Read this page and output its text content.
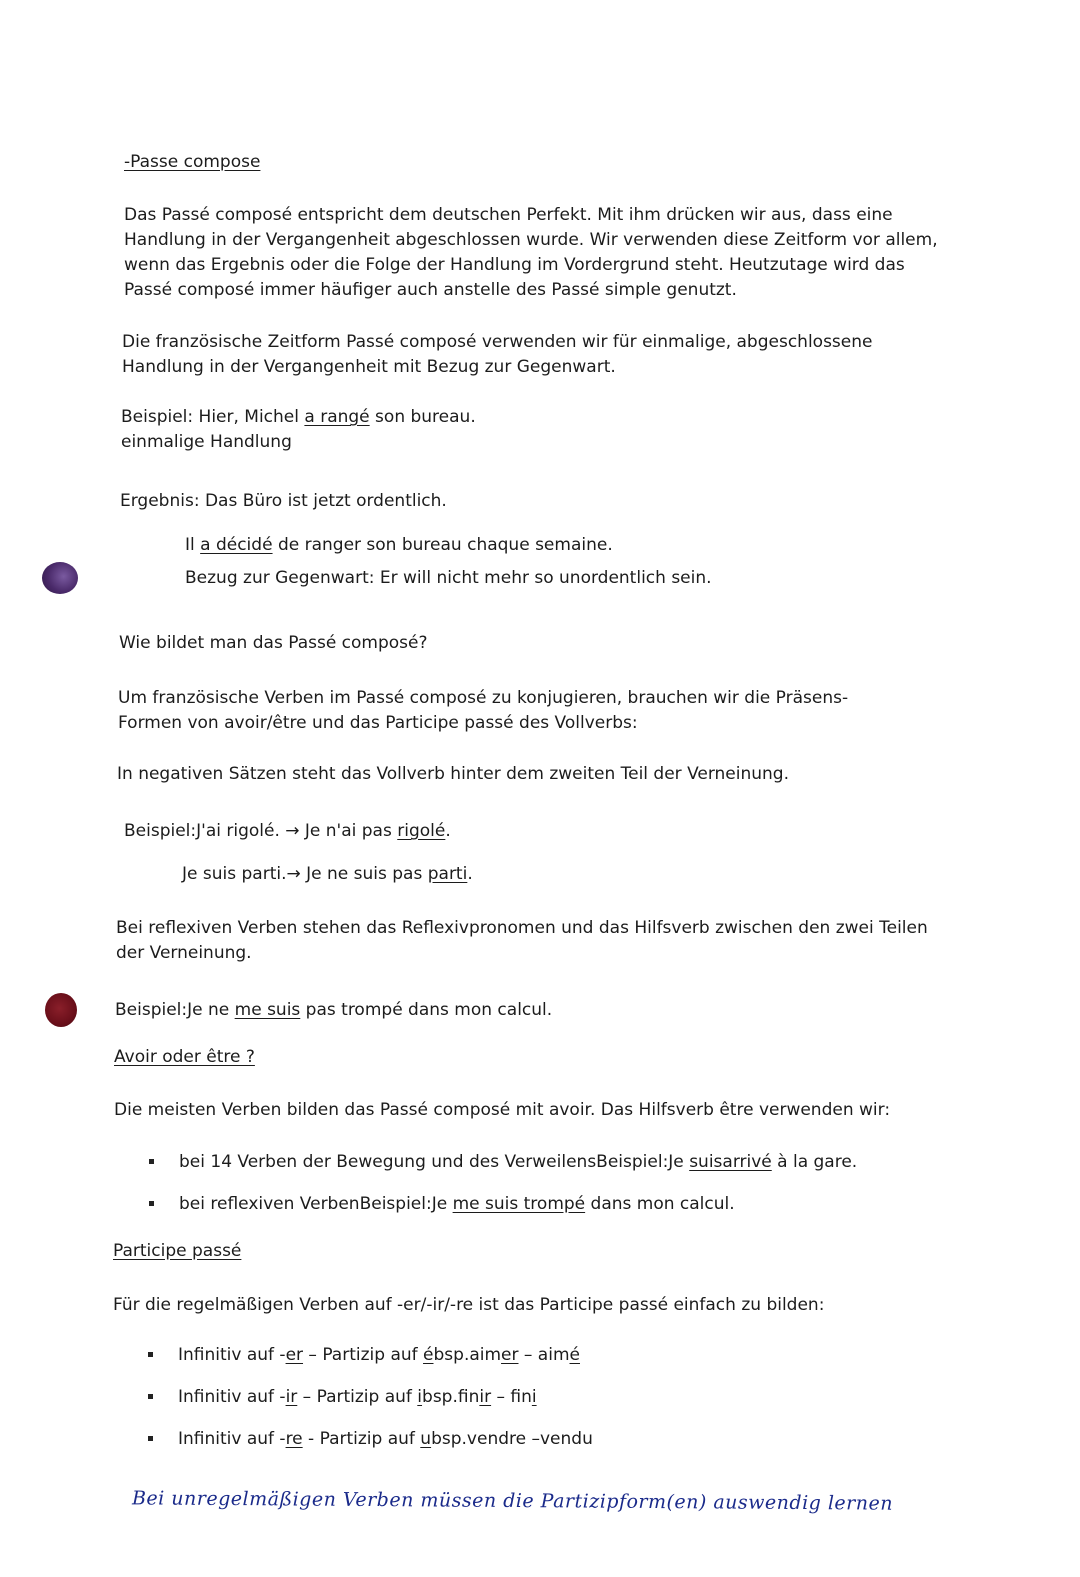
-Passe compose
Das Passé composé entspricht dem deutschen Perfekt. Mit ihm drücken wir aus, dass eine Handlung in der Vergangenheit abgeschlossen wurde. Wir verwenden diese Zeitform vor allem, wenn das Ergebnis oder die Folge der Handlung im Vordergrund steht. Heutzutage wird das Passé composé immer häufiger auch anstelle des Passé simple genutzt.
Die französische Zeitform Passé composé verwenden wir für einmalige, abgeschlossene Handlung in der Vergangenheit mit Bezug zur Gegenwart.
Beispiel: Hier, Michel a rangé son bureau.
einmalige Handlung
Ergebnis: Das Büro ist jetzt ordentlich.
Il a décidé de ranger son bureau chaque semaine.
Bezug zur Gegenwart: Er will nicht mehr so unordentlich sein.
Wie bildet man das Passé composé?
Um französische Verben im Passé composé zu konjugieren, brauchen wir die Präsens-Formen von avoir/être und das Participe passé des Vollverbs:
In negativen Sätzen steht das Vollverb hinter dem zweiten Teil der Verneinung.
Beispiel:J'ai rigolé. → Je n'ai pas rigolé.
Je suis parti.→ Je ne suis pas parti.
Bei reflexiven Verben stehen das Reflexivpronomen und das Hilfsverb zwischen den zwei Teilen der Verneinung.
Beispiel:Je ne me suis pas trompé dans mon calcul.
Avoir oder être ?
Die meisten Verben bilden das Passé composé mit avoir. Das Hilfsverb être verwenden wir:
bei 14 Verben der Bewegung und des VerweilensBeispiel:Je suisarrivé à la gare.
bei reflexiven VerbenBeispiel:Je me suis trompé dans mon calcul.
Participe passé
Für die regelmäßigen Verben auf -er/-ir/-re ist das Participe passé einfach zu bilden:
Infinitiv auf -er – Partizip auf ébsp.aimer – aimé
Infinitiv auf -ir – Partizip auf ibsp.finir – fini
Infinitiv auf -re - Partizip auf ubsp.vendre –vendu
Bei unregelmäßigen Verben müssen die Partizipform(en) auswendig lernen
